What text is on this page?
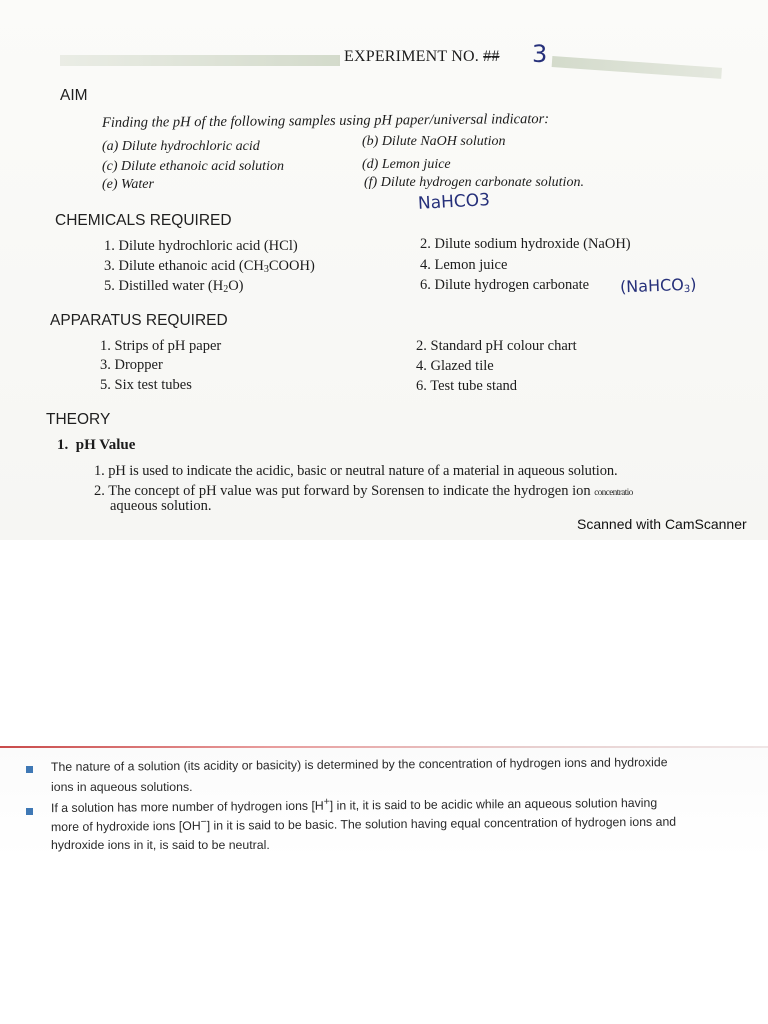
EXPERIMENT NO. ## 3
AIM
Finding the pH of the following samples using pH paper/universal indicator:
(a) Dilute hydrochloric acid	(b) Dilute NaOH solution
(c) Dilute ethanoic acid solution	(d) Lemon juice
(e) Water	(f) Dilute hydrogen carbonate solution.
NaHCO3
CHEMICALS REQUIRED
1. Dilute hydrochloric acid (HCl)	2. Dilute sodium hydroxide (NaOH)
3. Dilute ethanoic acid $(CH_3COOH)$	4. Lemon juice
5. Distilled water $(H_2O)$	6. Dilute hydrogen carbonate (NaHCO$_3$)
APPARATUS REQUIRED
1. Strips of pH paper	2. Standard pH colour chart
3. Dropper	4. Glazed tile
5. Six test tubes	6. Test tube stand
THEORY
1. pH Value
1. pH is used to indicate the acidic, basic or neutral nature of a material in aqueous solution.
2. The concept of pH value was put forward by Sorensen to indicate the hydrogen ion concentratio
aqueous solution.
Scanned with CamScanner
The nature of a solution (its acidity or basicity) is determined by the concentration of hydrogen ions and hydroxide
ions in aqueous solutions.
If a solution has more number of hydrogen ions [H+] in it, it is said to be acidic while an aqueous solution having
more of hydroxide ions [OH−] in it is said to be basic. The solution having equal concentration of hydrogen ions and
hydroxide ions in it, is said to be neutral.
